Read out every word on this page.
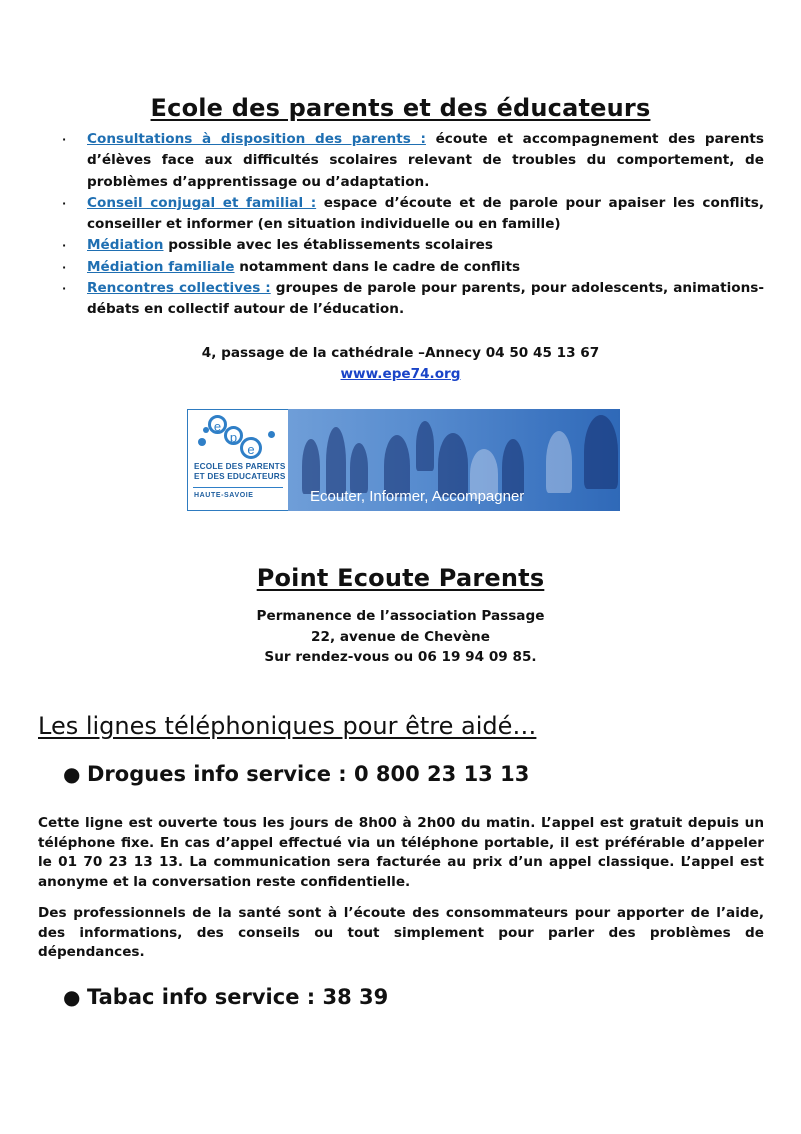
Ecole des parents et des éducateurs
· Consultations à disposition des parents : écoute et accompagnement des parents d’élèves face aux difficultés scolaires relevant de troubles du comportement, de problèmes d’apprentissage ou d’adaptation.
· Conseil conjugal et familial : espace d’écoute et de parole pour apaiser les conflits, conseiller et informer (en situation individuelle ou en famille)
· Médiation possible avec les établissements scolaires
· Médiation familiale notamment dans le cadre de conflits
· Rencontres collectives : groupes de parole pour parents, pour adolescents, animations-débats en collectif autour de l’éducation.
4, passage de la cathédrale –Annecy 04 50 45 13 67
www.epe74.org
e
p
e
ECOLE DES PARENTS
ET DES EDUCATEURS
HAUTE-SAVOIE	Ecouter, Informer, Accompagner
Point Ecoute Parents
Permanence de l’association Passage
22, avenue de Chevène
Sur rendez-vous ou 06 19 94 09 85.
Les lignes téléphoniques pour être aidé…
● Drogues info service : 0 800 23 13 13

Cette ligne est ouverte tous les jours de 8h00 à 2h00 du matin. L’appel est gratuit depuis un téléphone fixe. En cas d’appel effectué via un téléphone portable, il est préférable d’appeler le 01 70 23 13 13. La communication sera facturée au prix d’un appel classique. L’appel est anonyme et la conversation reste confidentielle.

Des professionnels de la santé sont à l’écoute des consommateurs pour apporter de l’aide, des informations, des conseils ou tout simplement pour parler des problèmes de dépendances.

● Tabac info service : 38 39
